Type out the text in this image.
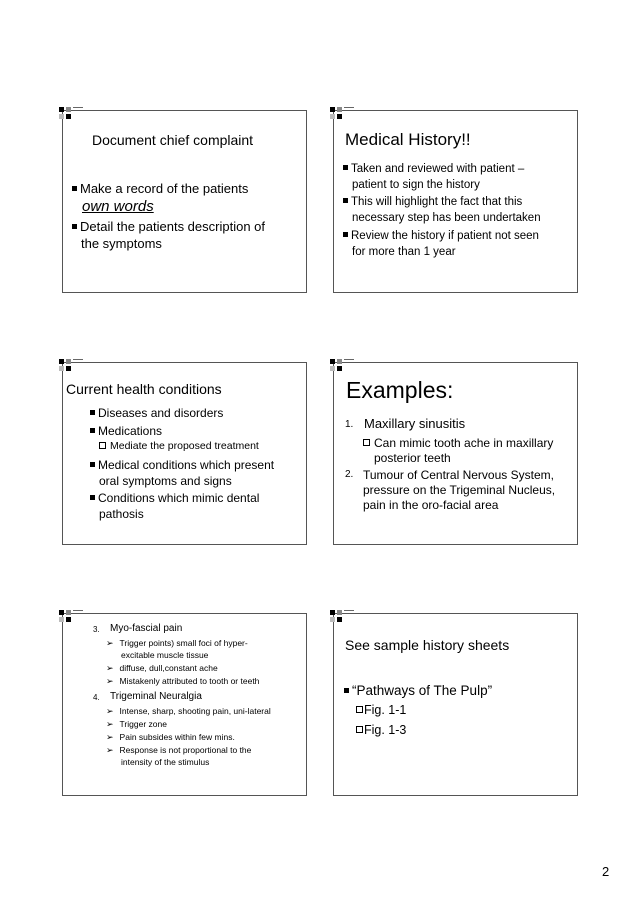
Document chief complaint
Make a record of the patients
own words
Detail the patients description of
the symptoms
Medical History!!
Taken and reviewed with patient –
patient to sign the history
This will highlight the fact that this
necessary step has been undertaken
Review the history if patient not seen
for more than 1 year
Current health conditions
Diseases and disorders
Medications
Mediate the proposed treatment
Medical conditions which present
oral symptoms and signs
Conditions which mimic dental
pathosis
Examples:
1. Maxillary sinusitis
Can mimic tooth ache in maxillary
posterior teeth
2. Tumour of Central Nervous System,
pressure on the Trigeminal Nucleus,
pain in the oro-facial area
3. Myo-fascial pain
➢ Trigger points) small foci of hyper-
excitable muscle tissue
➢ diffuse, dull,constant ache
➢ Mistakenly attributed to tooth or teeth
4. Trigeminal Neuralgia
➢ Intense, sharp, shooting pain, uni-lateral
➢ Trigger zone
➢ Pain subsides within few mins.
➢ Response is not proportional to the
intensity of the stimulus
See sample history sheets
“Pathways of The Pulp”
Fig. 1-1
Fig. 1-3
2
